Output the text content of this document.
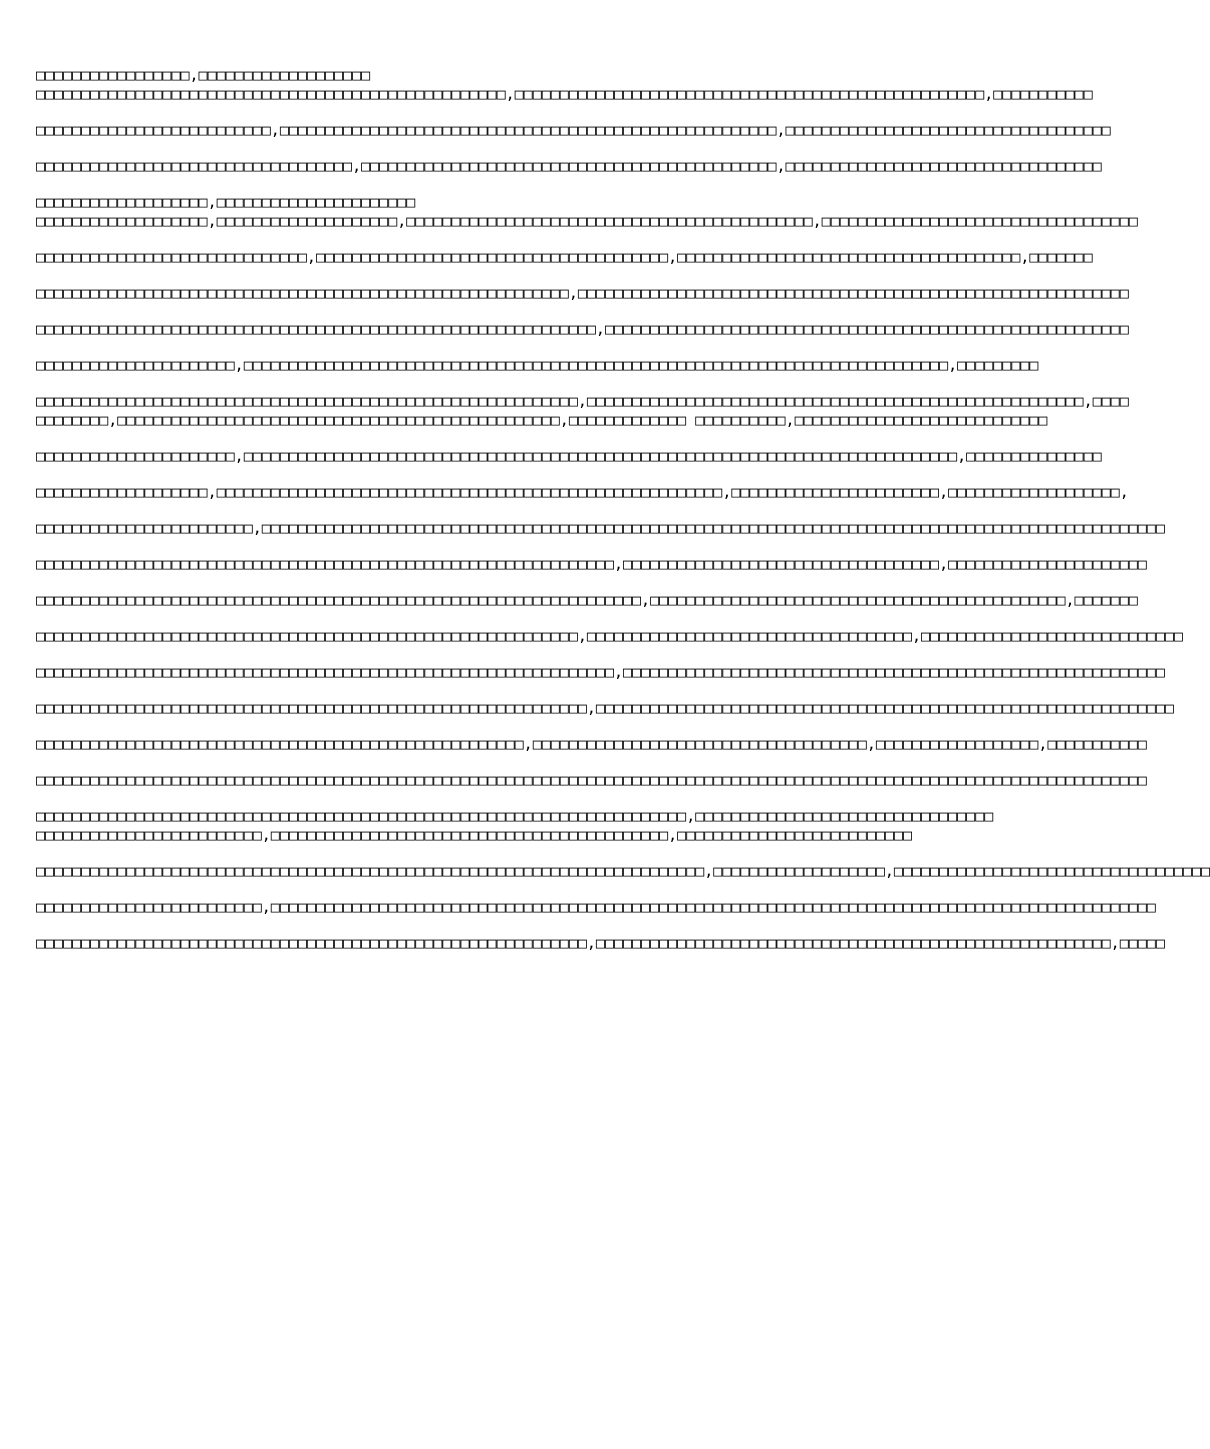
□□□□□□□□□□□□□□□□□,□□□□□□□□□□□□□□□□□□□
□□□□□□□□□□□□□□□□□□□□□□□□□□□□□□□□□□□□□□□□□□□□□□□□□□□□,□□□□□□□□□□□□□□□□□□□□□□□□□□□□□□□□□□□□□□□□□□□□□□□□□□□□,□□□□□□□□□□□
□□□□□□□□□□□□□□□□□□□□□□□□□□,□□□□□□□□□□□□□□□□□□□□□□□□□□□□□□□□□□□□□□□□□□□□□□□□□□□□□□□,□□□□□□□□□□□□□□□□□□□□□□□□□□□□□□□□□□□□
□□□□□□□□□□□□□□□□□□□□□□□□□□□□□□□□□□□,□□□□□□□□□□□□□□□□□□□□□□□□□□□□□□□□□□□□□□□□□□□□□□,□□□□□□□□□□□□□□□□□□□□□□□□□□□□□□□□□□□
□□□□□□□□□□□□□□□□□□□,□□□□□□□□□□□□□□□□□□□□□□
□□□□□□□□□□□□□□□□□□□,□□□□□□□□□□□□□□□□□□□□,□□□□□□□□□□□□□□□□□□□□□□□□□□□□□□□□□□□□□□□□□□□□□,□□□□□□□□□□□□□□□□□□□□□□□□□□□□□□□□□□□
□□□□□□□□□□□□□□□□□□□□□□□□□□□□□□,□□□□□□□□□□□□□□□□□□□□□□□□□□□□□□□□□□□□□□□,□□□□□□□□□□□□□□□□□□□□□□□□□□□□□□□□□□□□□□,□□□□□□□
□□□□□□□□□□□□□□□□□□□□□□□□□□□□□□□□□□□□□□□□□□□□□□□□□□□□□□□□□□□,□□□□□□□□□□□□□□□□□□□□□□□□□□□□□□□□□□□□□□□□□□□□□□□□□□□□□□□□□□□□□
□□□□□□□□□□□□□□□□□□□□□□□□□□□□□□□□□□□□□□□□□□□□□□□□□□□□□□□□□□□□□□,□□□□□□□□□□□□□□□□□□□□□□□□□□□□□□□□□□□□□□□□□□□□□□□□□□□□□□□□□□
□□□□□□□□□□□□□□□□□□□□□□,□□□□□□□□□□□□□□□□□□□□□□□□□□□□□□□□□□□□□□□□□□□□□□□□□□□□□□□□□□□□□□□□□□□□□□□□□□□□□□,□□□□□□□□□
□□□□□□□□□□□□□□□□□□□□□□□□□□□□□□□□□□□□□□□□□□□□□□□□□□□□□□□□□□□□,□□□□□□□□□□□□□□□□□□□□□□□□□□□□□□□□□□□□□□□□□□□□□□□□□□□□□□□,□□□□
□□□□□□□□,□□□□□□□□□□□□□□□□□□□□□□□□□□□□□□□□□□□□□□□□□□□□□□□□□,□□□□□□□□□□□□□ □□□□□□□□□□,□□□□□□□□□□□□□□□□□□□□□□□□□□□□
□□□□□□□□□□□□□□□□□□□□□□,□□□□□□□□□□□□□□□□□□□□□□□□□□□□□□□□□□□□□□□□□□□□□□□□□□□□□□□□□□□□□□□□□□□□□□□□□□□□□□□,□□□□□□□□□□□□□□□
□□□□□□□□□□□□□□□□□□□,□□□□□□□□□□□□□□□□□□□□□□□□□□□□□□□□□□□□□□□□□□□□□□□□□□□□□□□□,□□□□□□□□□□□□□□□□□□□□□□□,□□□□□□□□□□□□□□□□□□□,
□□□□□□□□□□□□□□□□□□□□□□□□,□□□□□□□□□□□□□□□□□□□□□□□□□□□□□□□□□□□□□□□□□□□□□□□□□□□□□□□□□□□□□□□□□□□□□□□□□□□□□□□□□□□□□□□□□□□□□□□□□□□□
□□□□□□□□□□□□□□□□□□□□□□□□□□□□□□□□□□□□□□□□□□□□□□□□□□□□□□□□□□□□□□□□,□□□□□□□□□□□□□□□□□□□□□□□□□□□□□□□□□□□,□□□□□□□□□□□□□□□□□□□□□□
□□□□□□□□□□□□□□□□□□□□□□□□□□□□□□□□□□□□□□□□□□□□□□□□□□□□□□□□□□□□□□□□□□□,□□□□□□□□□□□□□□□□□□□□□□□□□□□□□□□□□□□□□□□□□□□□□□,□□□□□□□
□□□□□□□□□□□□□□□□□□□□□□□□□□□□□□□□□□□□□□□□□□□□□□□□□□□□□□□□□□□□,□□□□□□□□□□□□□□□□□□□□□□□□□□□□□□□□□□□□,□□□□□□□□□□□□□□□□□□□□□□□□□□□□□
□□□□□□□□□□□□□□□□□□□□□□□□□□□□□□□□□□□□□□□□□□□□□□□□□□□□□□□□□□□□□□□□,□□□□□□□□□□□□□□□□□□□□□□□□□□□□□□□□□□□□□□□□□□□□□□□□□□□□□□□□□□□□
□□□□□□□□□□□□□□□□□□□□□□□□□□□□□□□□□□□□□□□□□□□□□□□□□□□□□□□□□□□□□,□□□□□□□□□□□□□□□□□□□□□□□□□□□□□□□□□□□□□□□□□□□□□□□□□□□□□□□□□□□□□□□□
□□□□□□□□□□□□□□□□□□□□□□□□□□□□□□□□□□□□□□□□□□□□□□□□□□□□□□,□□□□□□□□□□□□□□□□□□□□□□□□□□□□□□□□□□□□□,□□□□□□□□□□□□□□□□□□,□□□□□□□□□□□
□□□□□□□□□□□□□□□□□□□□□□□□□□□□□□□□□□□□□□□□□□□□□□□□□□□□□□□□□□□□□□□□□□□□□□□□□□□□□□□□□□□□□□□□□□□□□□□□□□□□□□□□□□□□□□□□□□□□□□□□□□□
□□□□□□□□□□□□□□□□□□□□□□□□□□□□□□□□□□□□□□□□□□□□□□□□□□□□□□□□□□□□□□□□□□□□□□□□,□□□□□□□□□□□□□□□□□□□□□□□□□□□□□□□□□
□□□□□□□□□□□□□□□□□□□□□□□□□,□□□□□□□□□□□□□□□□□□□□□□□□□□□□□□□□□□□□□□□□□□□□,□□□□□□□□□□□□□□□□□□□□□□□□□□
□□□□□□□□□□□□□□□□□□□□□□□□□□□□□□□□□□□□□□□□□□□□□□□□□□□□□□□□□□□□□□□□□□□□□□□□□□,□□□□□□□□□□□□□□□□□□□,□□□□□□□□□□□□□□□□□□□□□□□□□□□□□□□□□□□
□□□□□□□□□□□□□□□□□□□□□□□□□,□□□□□□□□□□□□□□□□□□□□□□□□□□□□□□□□□□□□□□□□□□□□□□□□□□□□□□□□□□□□□□□□□□□□□□□□□□□□□□□□□□□□□□□□□□□□□□□□□□
□□□□□□□□□□□□□□□□□□□□□□□□□□□□□□□□□□□□□□□□□□□□□□□□□□□□□□□□□□□□□,□□□□□□□□□□□□□□□□□□□□□□□□□□□□□□□□□□□□□□□□□□□□□□□□□□□□□□□□□,□□□□□
